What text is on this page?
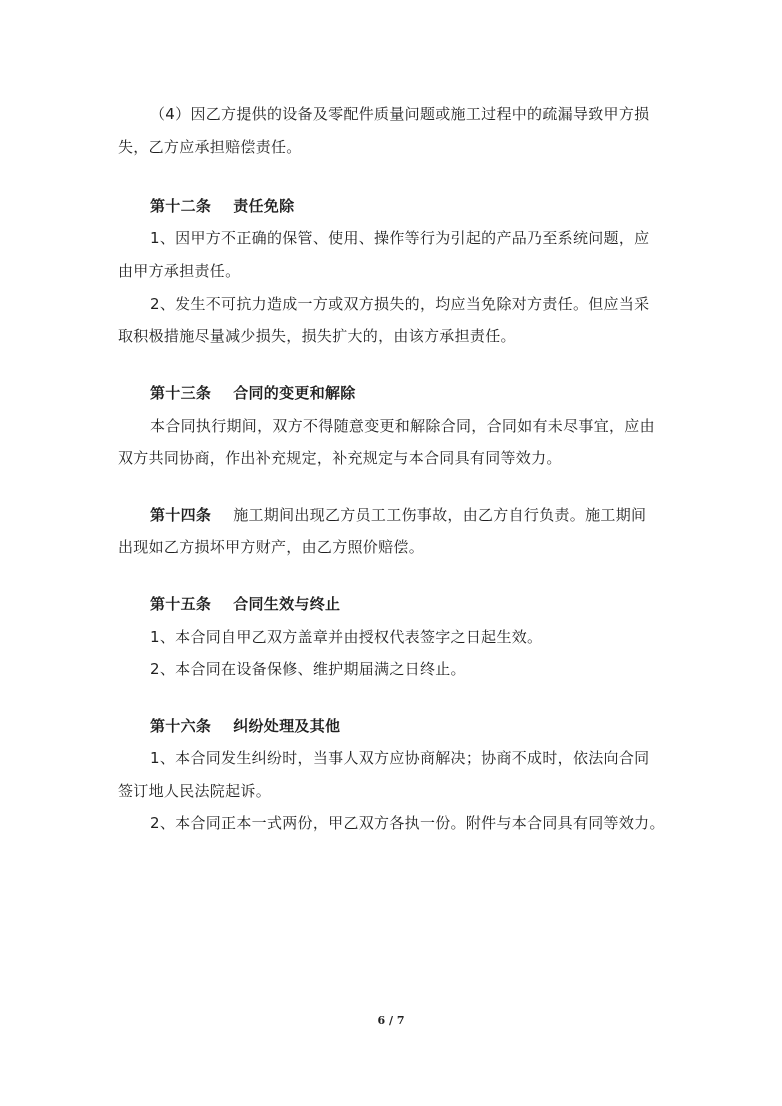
（4）因乙方提供的设备及零配件质量问题或施工过程中的疏漏导致甲方损
失，乙方应承担赔偿责任。
第十二条 责任免除
1、因甲方不正确的保管、使用、操作等行为引起的产品乃至系统问题，应
由甲方承担责任。
2、发生不可抗力造成一方或双方损失的，均应当免除对方责任。但应当采
取积极措施尽量减少损失，损失扩大的，由该方承担责任。
第十三条 合同的变更和解除
本合同执行期间，双方不得随意变更和解除合同，合同如有未尽事宜，应由
双方共同协商，作出补充规定，补充规定与本合同具有同等效力。
第十四条 施工期间出现乙方员工工伤事故，由乙方自行负责。施工期间
出现如乙方损坏甲方财产，由乙方照价赔偿。
第十五条 合同生效与终止
1、本合同自甲乙双方盖章并由授权代表签字之日起生效。
2、本合同在设备保修、维护期届满之日终止。
第十六条 纠纷处理及其他
1、本合同发生纠纷时，当事人双方应协商解决；协商不成时，依法向合同
签订地人民法院起诉。
2、本合同正本一式两份，甲乙双方各执一份。附件与本合同具有同等效力。
6 / 7
